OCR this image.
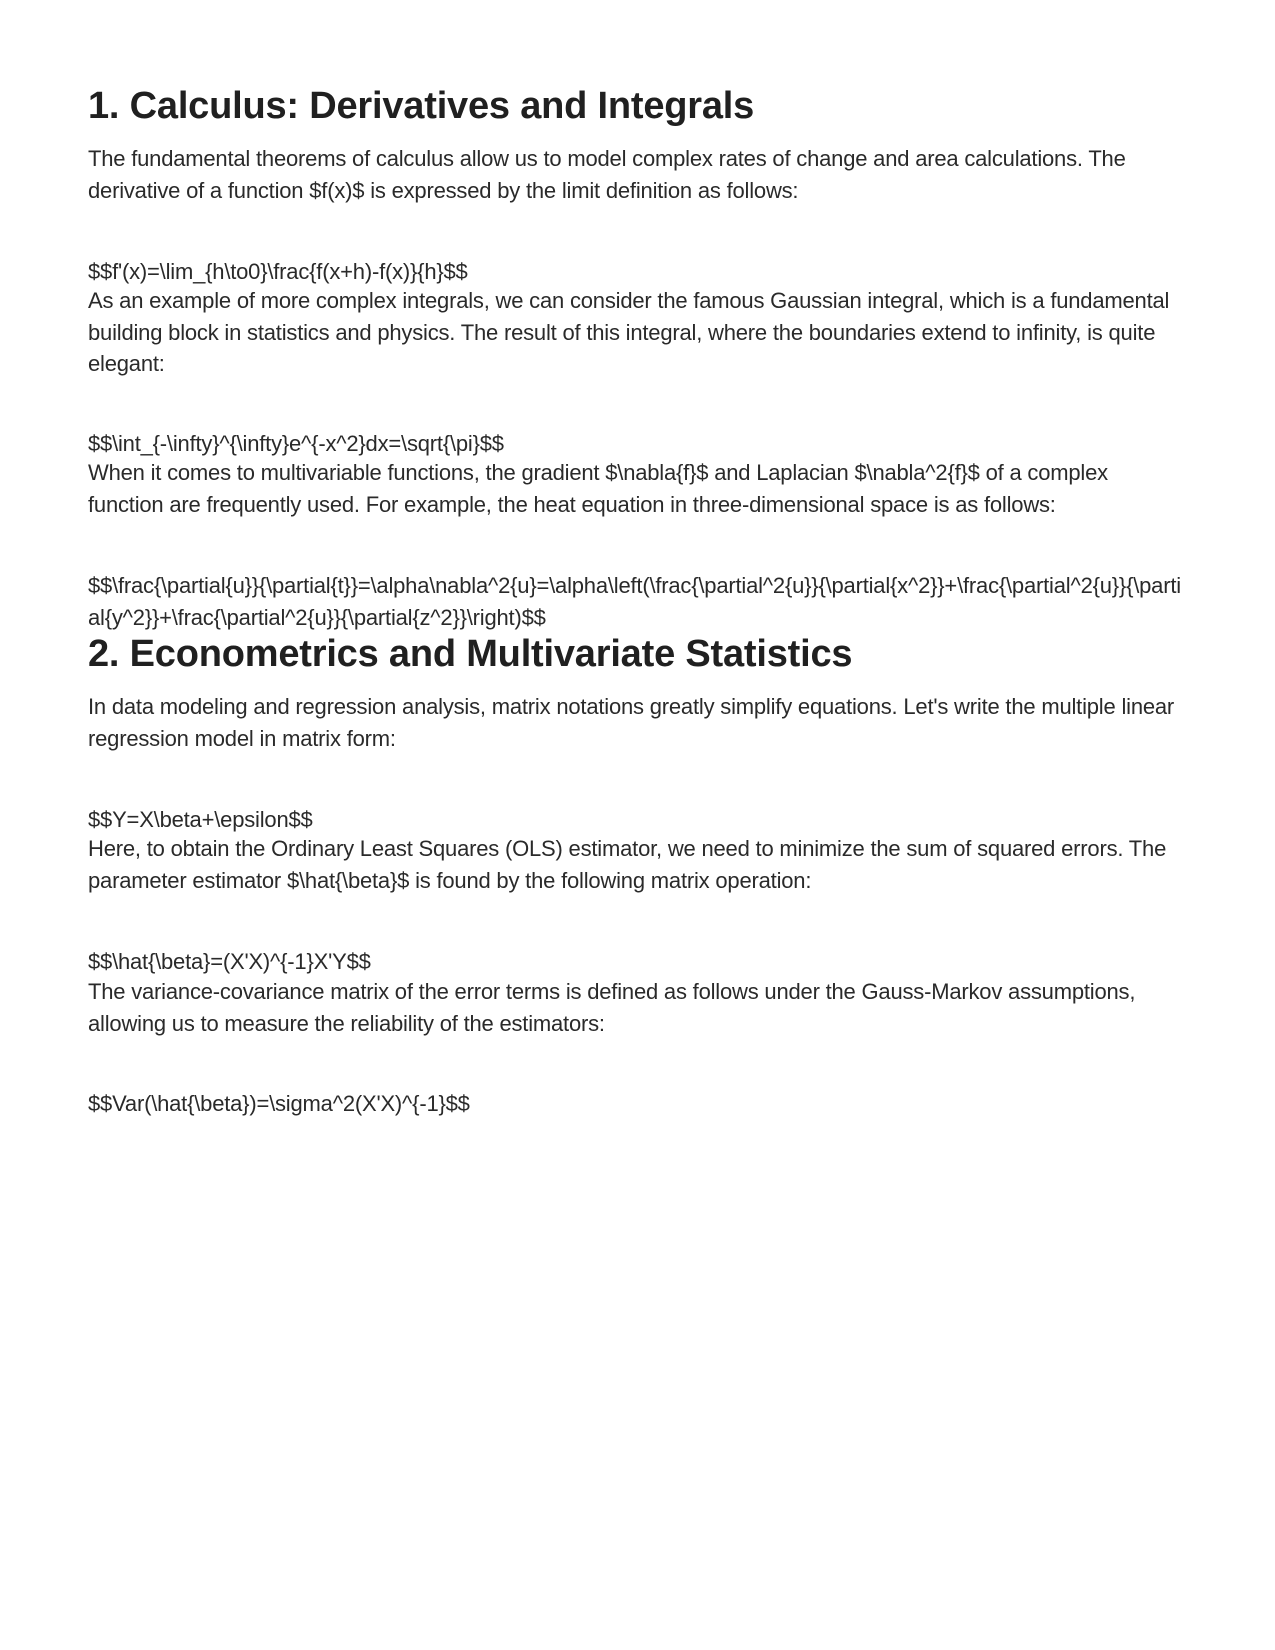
1. Calculus: Derivatives and Integrals

The fundamental theorems of calculus allow us to model complex rates of change and area calculations. The derivative of a function $f(x)$ is expressed by the limit definition as follows:

$$f'(x)=\lim_{h\to0}\frac{f(x+h)-f(x)}{h}$$

As an example of more complex integrals, we can consider the famous Gaussian integral, which is a fundamental building block in statistics and physics. The result of this integral, where the boundaries extend to infinity, is quite elegant:

$$\int_{-\infty}^{\infty}e^{-x^2}dx=\sqrt{\pi}$$

When it comes to multivariable functions, the gradient $\nabla{f}$ and Laplacian $\nabla^2{f}$ of a complex function are frequently used. For example, the heat equation in three-dimensional space is as follows:

$$\frac{\partial{u}}{\partial{t}}=\alpha\nabla^2{u}=\alpha\left(\frac{\partial^2{u}}{\partial{x^2}}+\frac{\partial^2{u}}{\partial{y^2}}+\frac{\partial^2{u}}{\partial{z^2}}\right)$$
2. Econometrics and Multivariate Statistics

In data modeling and regression analysis, matrix notations greatly simplify equations. Let's write the multiple linear regression model in matrix form:

$$Y=X\beta+\epsilon$$

Here, to obtain the Ordinary Least Squares (OLS) estimator, we need to minimize the sum of squared errors. The parameter estimator $\hat{\beta}$ is found by the following matrix operation:

$$\hat{\beta}=(X'X)^{-1}X'Y$$

The variance-covariance matrix of the error terms is defined as follows under the Gauss-Markov assumptions, allowing us to measure the reliability of the estimators:

$$Var(\hat{\beta})=\sigma^2(X'X)^{-1}$$
